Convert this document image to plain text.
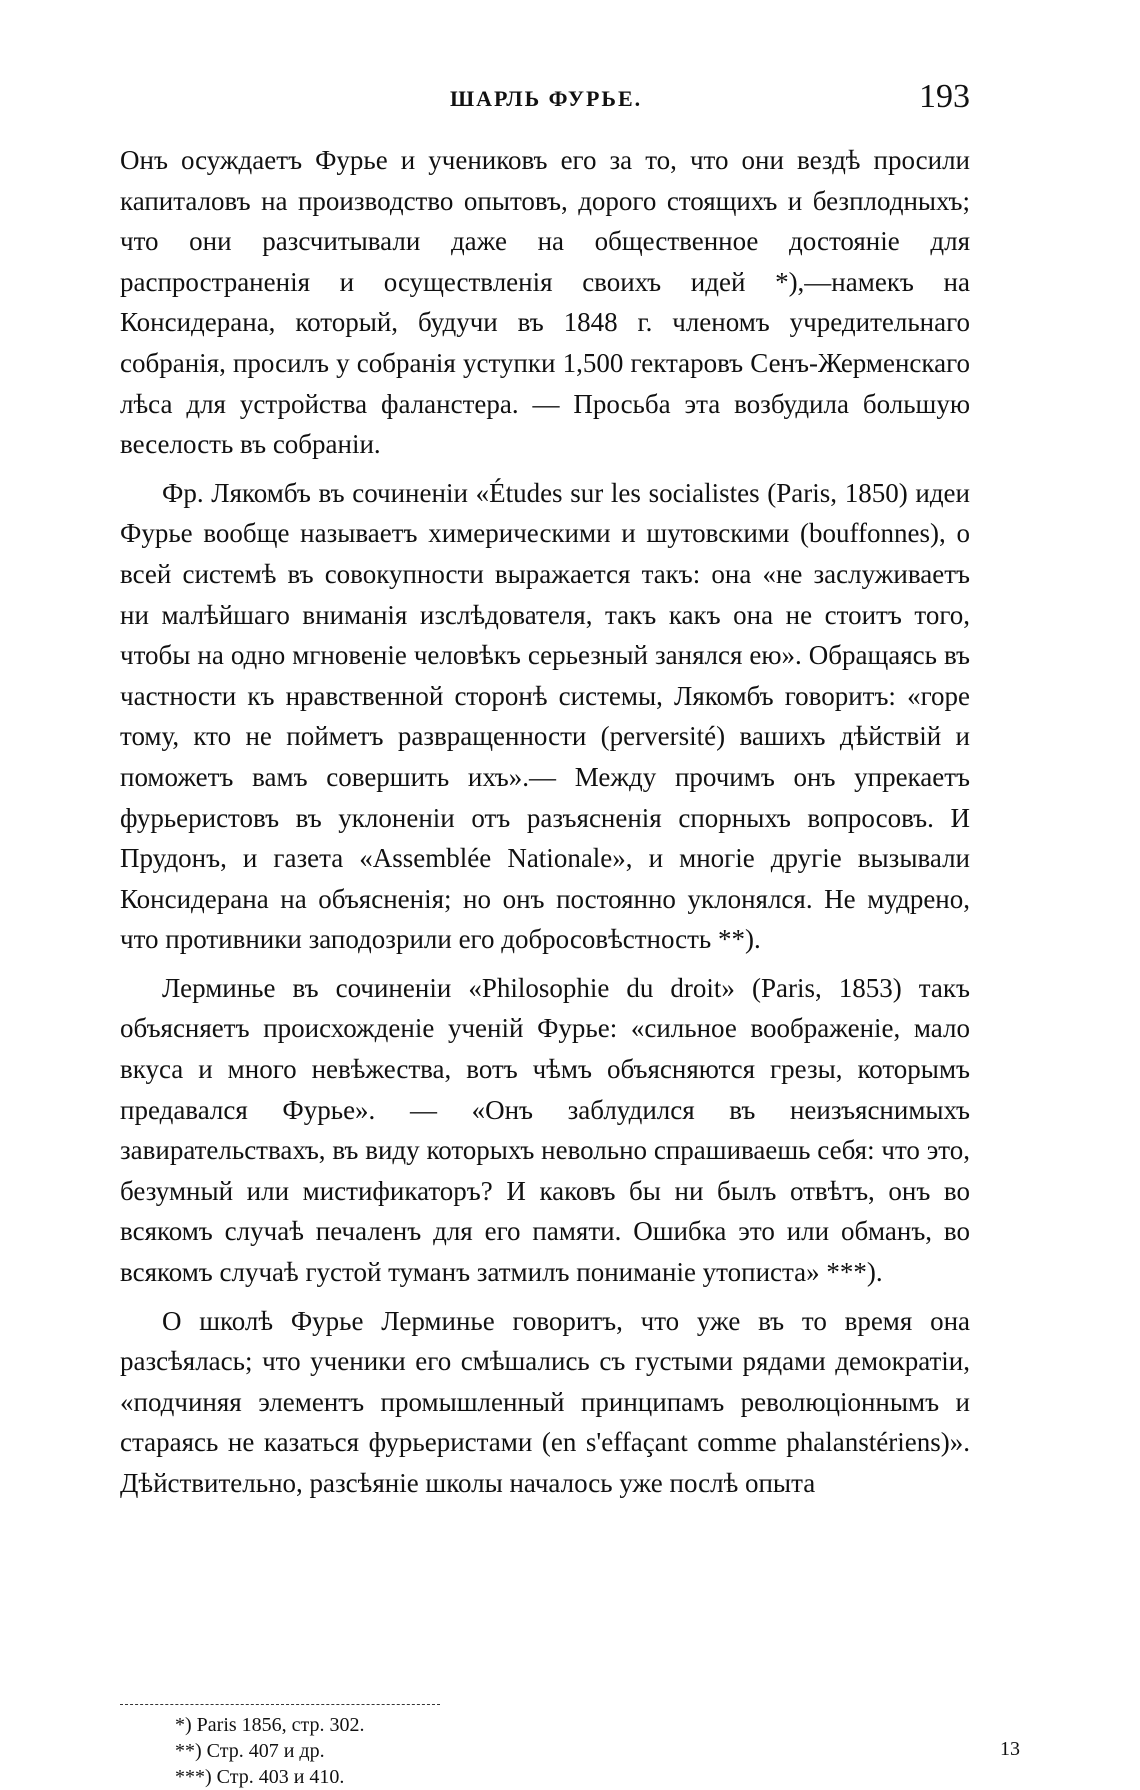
ШАРЛЬ ФУРЬЕ.	193

Онъ осуждаетъ Фурье и учениковъ его за то, что они вездѣ просили капиталовъ на производство опытовъ, дорого стоящихъ и безплодныхъ; что они разсчитывали даже на общественное достояніе для распространенія и осуществленія своихъ идей *),—намекъ на Консидерана, который, будучи въ 1848 г. членомъ учредительнаго собранія, просилъ у собранія уступки 1,500 гектаровъ Сенъ-Жерменскаго лѣса для устройства фаланстера. — Просьба эта возбудила большую веселость въ собраніи.

Фр. Лякомбъ въ сочиненіи «Études sur les socialistes (Paris, 1850) идеи Фурье вообще называетъ химерическими и шутовскими (bouffonnes), о всей системѣ въ совокупности выражается такъ: она «не заслуживаетъ ни малѣйшаго вниманія изслѣдователя, такъ какъ она не стоитъ того, чтобы на одно мгновеніе человѣкъ серьезный занялся ею». Обращаясь въ частности къ нравственной сторонѣ системы, Лякомбъ говоритъ: «горе тому, кто не пойметъ развращенности (perversité) вашихъ дѣйствій и поможетъ вамъ совершить ихъ».— Между прочимъ онъ упрекаетъ фурьеристовъ въ уклоненіи отъ разъясненія спорныхъ вопросовъ. И Прудонъ, и газета «Assemblée Nationale», и многіе другіе вызывали Консидерана на объясненія; но онъ постоянно уклонялся. Не мудрено, что противники заподозрили его добросовѣстность **).

Лерминье въ сочиненіи «Philosophie du droit» (Paris, 1853) такъ объясняетъ происхожденіе ученій Фурье: «сильное воображеніе, мало вкуса и много невѣжества, вотъ чѣмъ объясняются грезы, которымъ предавался Фурье». — «Онъ заблудился въ неизъяснимыхъ завирательствахъ, въ виду которыхъ невольно спрашиваешь себя: что это, безумный или мистификаторъ? И каковъ бы ни былъ отвѣтъ, онъ во всякомъ случаѣ печаленъ для его памяти. Ошибка это или обманъ, во всякомъ случаѣ густой туманъ затмилъ пониманіе утописта» ***).

О школѣ Фурье Лерминье говоритъ, что уже въ то время она разсѣялась; что ученики его смѣшались съ густыми рядами демократіи, «подчиняя элементъ промышленный принципамъ революціоннымъ и стараясь не казаться фурьеристами (en s'effaçant comme phalanstériens)». Дѣйствительно, разсѣяніе школы началось уже послѣ опыта

*) Paris 1856, стр. 302.
**) Стр. 407 и др.
***) Стр. 403 и 410.
13
